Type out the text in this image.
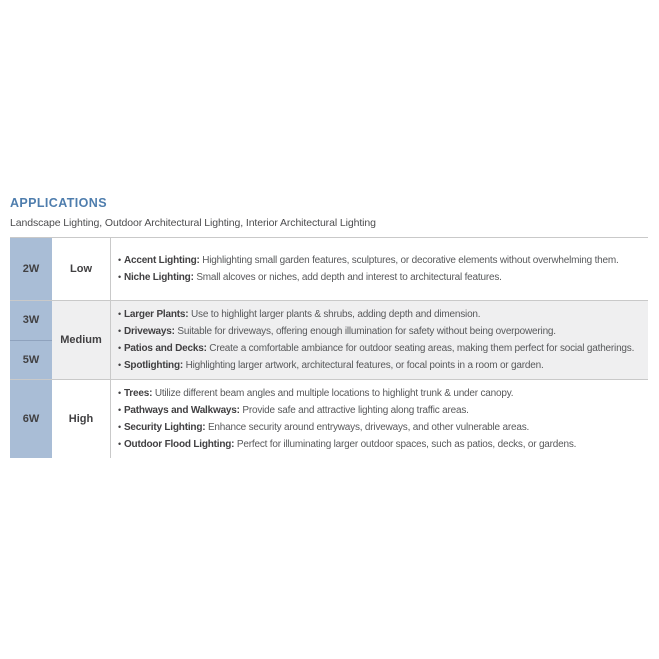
APPLICATIONS
Landscape Lighting, Outdoor Architectural Lighting, Interior Architectural Lighting
2W	Low
• Accent Lighting: Highlighting small garden features, sculptures, or decorative elements without overwhelming them.
• Niche Lighting: Small alcoves or niches, add depth and interest to architectural features.
3W
5W
Medium
• Larger Plants: Use to highlight larger plants & shrubs, adding depth and dimension.
• Driveways: Suitable for driveways, offering enough illumination for safety without being overpowering.
• Patios and Decks: Create a comfortable ambiance for outdoor seating areas, making them perfect for social gatherings.
• Spotlighting: Highlighting larger artwork, architectural features, or focal points in a room or garden.
6W	High
• Trees: Utilize different beam angles and multiple locations to highlight trunk & under canopy.
• Pathways and Walkways: Provide safe and attractive lighting along traffic areas.
• Security Lighting: Enhance security around entryways, driveways, and other vulnerable areas.
• Outdoor Flood Lighting: Perfect for illuminating larger outdoor spaces, such as patios, decks, or gardens.
